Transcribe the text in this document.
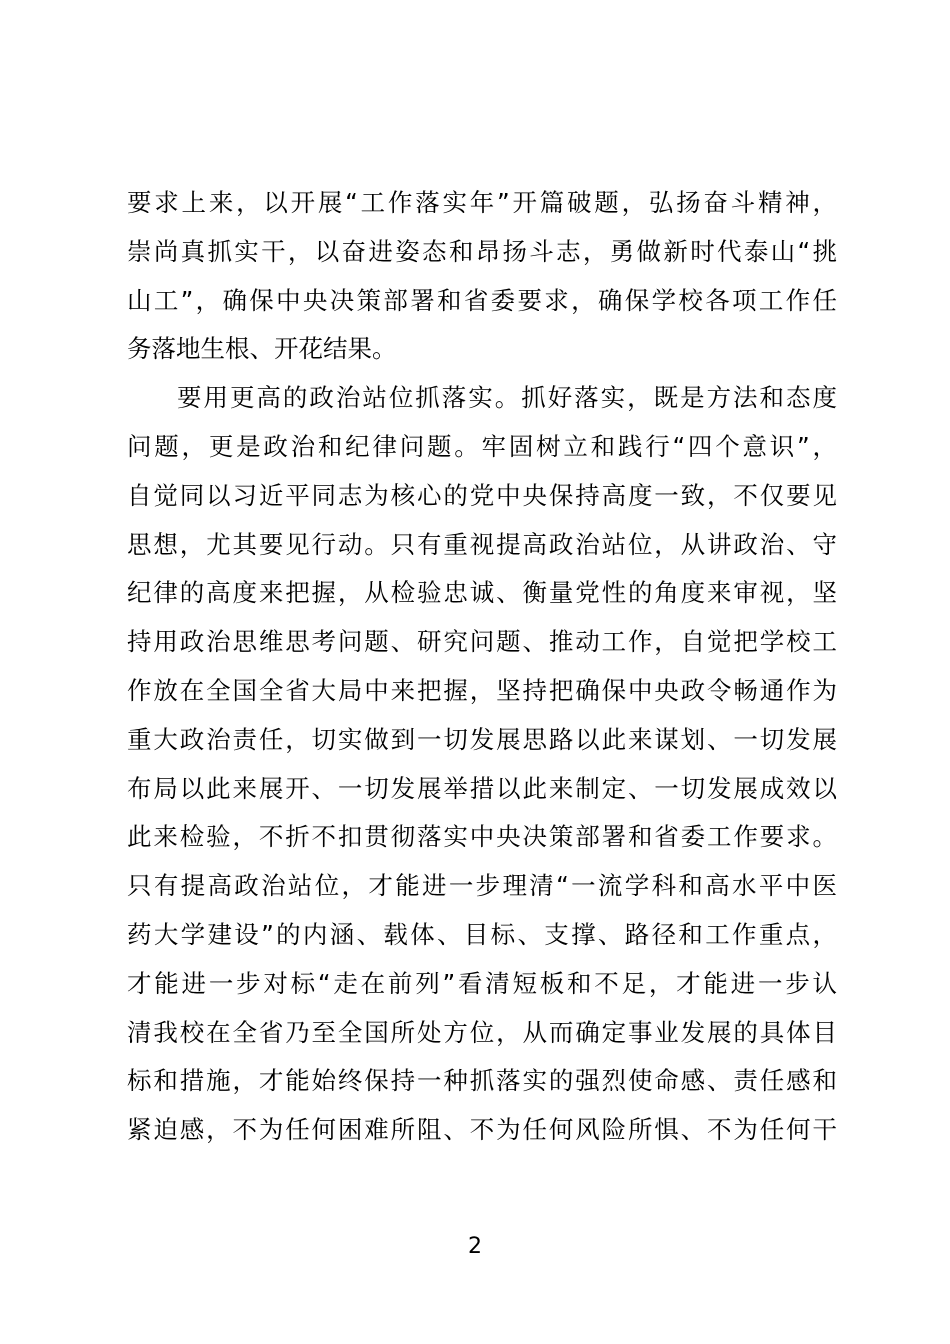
要求上来，以开展“工作落实年”开篇破题，弘扬奋斗精神，
崇尚真抓实干，以奋进姿态和昂扬斗志，勇做新时代泰山“挑
山工”，确保中央决策部署和省委要求，确保学校各项工作任
务落地生根、开花结果。
要用更高的政治站位抓落实。抓好落实，既是方法和态度
问题，更是政治和纪律问题。牢固树立和践行“四个意识”，
自觉同以习近平同志为核心的党中央保持高度一致，不仅要见
思想，尤其要见行动。只有重视提高政治站位，从讲政治、守
纪律的高度来把握，从检验忠诚、衡量党性的角度来审视，坚
持用政治思维思考问题、研究问题、推动工作，自觉把学校工
作放在全国全省大局中来把握，坚持把确保中央政令畅通作为
重大政治责任，切实做到一切发展思路以此来谋划、一切发展
布局以此来展开、一切发展举措以此来制定、一切发展成效以
此来检验，不折不扣贯彻落实中央决策部署和省委工作要求。
只有提高政治站位，才能进一步理清“一流学科和高水平中医
药大学建设”的内涵、载体、目标、支撑、路径和工作重点，
才能进一步对标“走在前列”看清短板和不足，才能进一步认
清我校在全省乃至全国所处方位，从而确定事业发展的具体目
标和措施，才能始终保持一种抓落实的强烈使命感、责任感和
紧迫感，不为任何困难所阻、不为任何风险所惧、不为任何干
2
